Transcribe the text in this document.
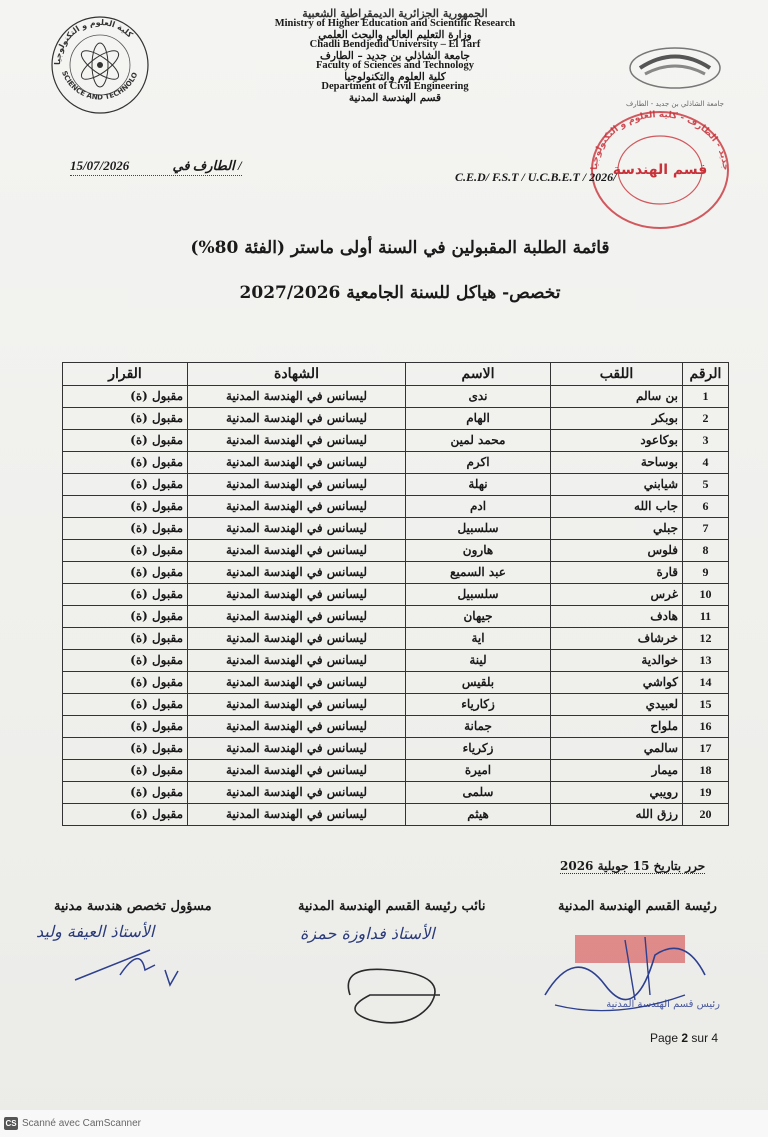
كلية العلوم و التكنولوجيا
SCIENCE AND TECHNOLO
الجمهورية الجزائرية الديمقراطية الشعبية
Ministry of Higher Education and Scientific Research
وزارة التعليم العالي والبحث العلمي
Chadli Bendjedid University – El Tarf
جامعة الشاذلي بن جديد – الطارف
Faculty of Sciences and Technology
كلية العلوم والتكنولوجيا
Department of Civil Engineering
قسم الهندسة المدنية
جامعة الشاذلي بن جديد - الطارف
جديد - الطارف - كلية العلوم و التكنولوجيا
قسم الهندسة
15/07/2026	الطارف في /
C.E.D/ F.S.T / U.C.B.E.T / 2026/
قائمة الطلبة المقبولين في السنة أولى ماستر (الفئة 80%)
تخصص- هياكل للسنة الجامعية 2027/2026
الرقم	اللقب	الاسم	الشهادة	القرار
1	بن سالم	ندى	ليسانس في الهندسة المدنية	مقبول (ة)
2	بوبكر	الهام	ليسانس في الهندسة المدنية	مقبول (ة)
3	بوكاعود	محمد لمين	ليسانس في الهندسة المدنية	مقبول (ة)
4	بوساحة	اكرم	ليسانس في الهندسة المدنية	مقبول (ة)
5	شيابني	نهلة	ليسانس في الهندسة المدنية	مقبول (ة)
6	جاب الله	ادم	ليسانس في الهندسة المدنية	مقبول (ة)
7	جبلي	سلسبيل	ليسانس في الهندسة المدنية	مقبول (ة)
8	فلوس	هارون	ليسانس في الهندسة المدنية	مقبول (ة)
9	قارة	عبد السميع	ليسانس في الهندسة المدنية	مقبول (ة)
10	غرس	سلسبيل	ليسانس في الهندسة المدنية	مقبول (ة)
11	هادف	جيهان	ليسانس في الهندسة المدنية	مقبول (ة)
12	خرشاف	اية	ليسانس في الهندسة المدنية	مقبول (ة)
13	خوالدية	لينة	ليسانس في الهندسة المدنية	مقبول (ة)
14	كواشي	بلقيس	ليسانس في الهندسة المدنية	مقبول (ة)
15	لعبيدي	زكارياء	ليسانس في الهندسة المدنية	مقبول (ة)
16	ملواح	جمانة	ليسانس في الهندسة المدنية	مقبول (ة)
17	سالمي	زكرياء	ليسانس في الهندسة المدنية	مقبول (ة)
18	ميمار	اميرة	ليسانس في الهندسة المدنية	مقبول (ة)
19	رويبي	سلمى	ليسانس في الهندسة المدنية	مقبول (ة)
20	رزق الله	هيثم	ليسانس في الهندسة المدنية	مقبول (ة)
حرر بتاريخ 15 جويلية 2026
رئيسة القسم الهندسة المدنية
نائب رئيسة القسم الهندسة المدنية
مسؤول تخصص هندسة مدنية
رئيس قسم الهندسة المدنية
الأستاذ فداوزة حمزة
الأستاذ العيفة وليد
Page 2 sur 4
CS Scanné avec CamScanner
